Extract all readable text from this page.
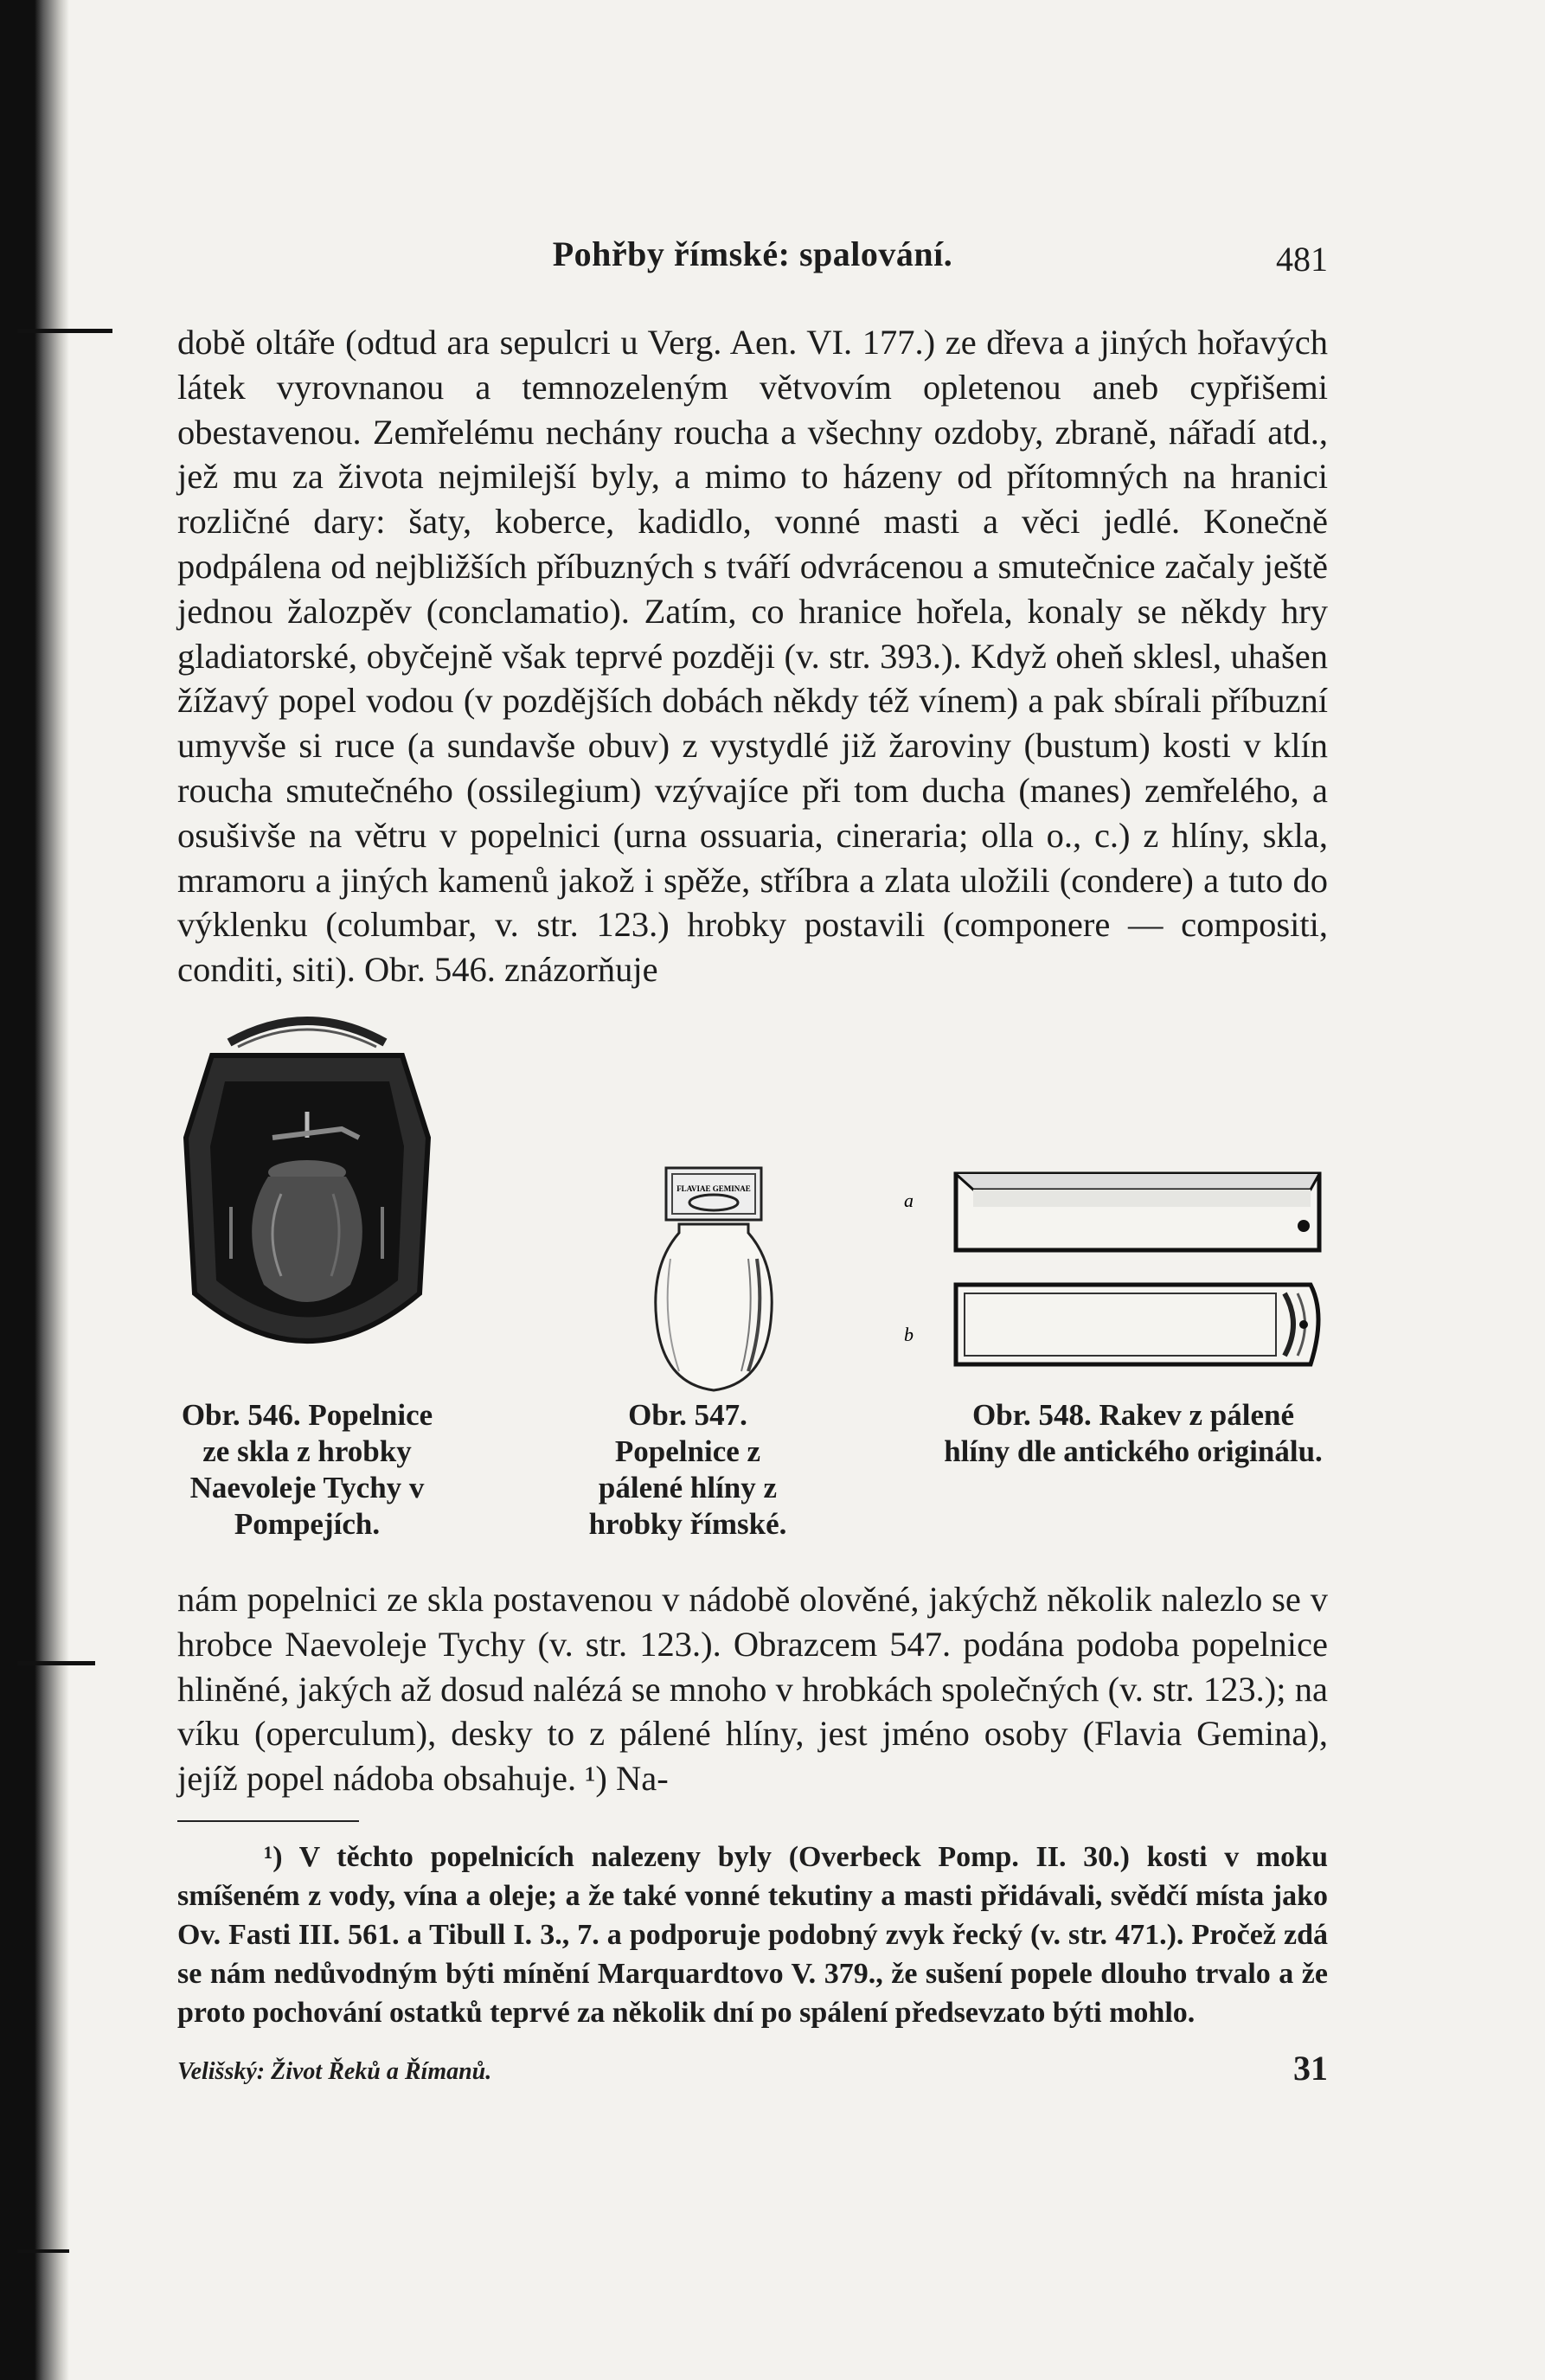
Pohřby římské: spalování.	481

době oltáře (odtud ara sepulcri u Verg. Aen. VI. 177.) ze dřeva a jiných hořavých látek vyrovnanou a temnozeleným větvovím opletenou aneb cypřišemi obestavenou. Zemřelému nechány roucha a všechny ozdoby, zbraně, nářadí atd., jež mu za života nejmilejší byly, a mimo to házeny od přítomných na hranici rozličné dary: šaty, koberce, kadidlo, vonné masti a věci jedlé. Konečně podpálena od nejbližších příbuzných s tváří odvrácenou a smutečnice začaly ještě jednou žalozpěv (conclamatio). Zatím, co hranice hořela, konaly se někdy hry gladiatorské, obyčejně však teprvé později (v. str. 393.). Když oheň sklesl, uhašen žížavý popel vodou (v pozdějších dobách někdy též vínem) a pak sbírali příbuzní umyvše si ruce (a sundavše obuv) z vystydlé již žaroviny (bustum) kosti v klín roucha smutečného (ossilegium) vzývajíce při tom ducha (manes) zemřelého, a osušivše na větru v popelnici (urna ossuaria, cineraria; olla o., c.) z hlíny, skla, mramoru a jiných kamenů jakož i spěže, stříbra a zlata uložili (condere) a tuto do výklenku (columbar, v. str. 123.) hrobky postavili (componere — compositi, conditi, siti). Obr. 546. znázorňuje

Obr. 546. Popelnice ze skla z hrobky Naevoleje Tychy v Pompejích.
FLAVIAE GEMINAE
Obr. 547. Popelnice z pálené hlíny z hrobky římské.
a
b
Obr. 548. Rakev z pálené hlíny dle antického originálu.

nám popelnici ze skla postavenou v nádobě olověné, jakýchž několik nalezlo se v hrobce Naevoleje Tychy (v. str. 123.). Obrazcem 547. podána podoba popelnice hliněné, jakých až dosud nalézá se mnoho v hrobkách společných (v. str. 123.); na víku (operculum), desky to z pálené hlíny, jest jméno osoby (Flavia Gemina), jejíž popel nádoba obsahuje. ¹) Na-

¹) V těchto popelnicích nalezeny byly (Overbeck Pomp. II. 30.) kosti v moku smíšeném z vody, vína a oleje; a že také vonné tekutiny a masti přidávali, svědčí místa jako Ov. Fasti III. 561. a Tibull I. 3., 7. a podporuje podobný zvyk řecký (v. str. 471.). Pročež zdá se nám nedůvodným býti mínění Marquardtovo V. 379., že sušení popele dlouho trvalo a že proto pochování ostatků teprvé za několik dní po spálení předsevzato býti mohlo.
Velišský: Život Řeků a Římanů.	31
